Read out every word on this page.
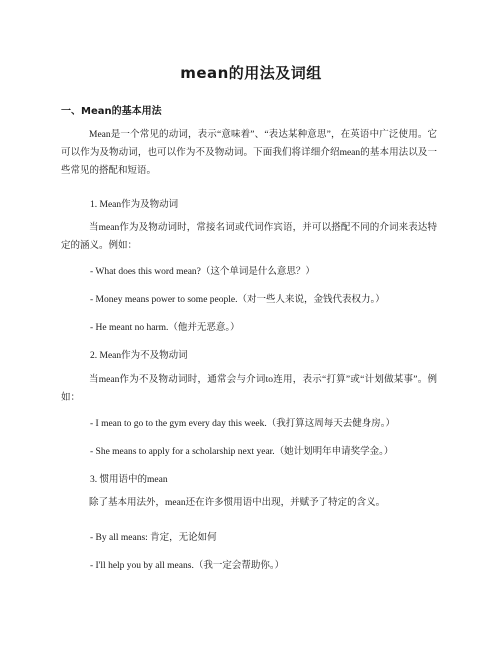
mean的用法及词组
一、Mean的基本用法

Mean是一个常见的动词，表示“意味着”、“表达某种意思”，在英语中广泛使用。它可以作为及物动词，也可以作为不及物动词。下面我们将详细介绍mean的基本用法以及一些常见的搭配和短语。

1. Mean作为及物动词

当mean作为及物动词时，常接名词或代词作宾语，并可以搭配不同的介词来表达特定的涵义。例如：

- What does this word mean?（这个单词是什么意思？）
- Money means power to some people.（对一些人来说，金钱代表权力。）
- He meant no harm.（他并无恶意。）
2. Mean作为不及物动词

当mean作为不及物动词时，通常会与介词to连用，表示“打算”或“计划做某事”。例如：

- I mean to go to the gym every day this week.（我打算这周每天去健身房。）
- She means to apply for a scholarship next year.（她计划明年申请奖学金。）
3. 惯用语中的mean

除了基本用法外，mean还在许多惯用语中出现，并赋予了特定的含义。

- By all means: 肯定，无论如何
- I'll help you by all means.（我一定会帮助你。）
